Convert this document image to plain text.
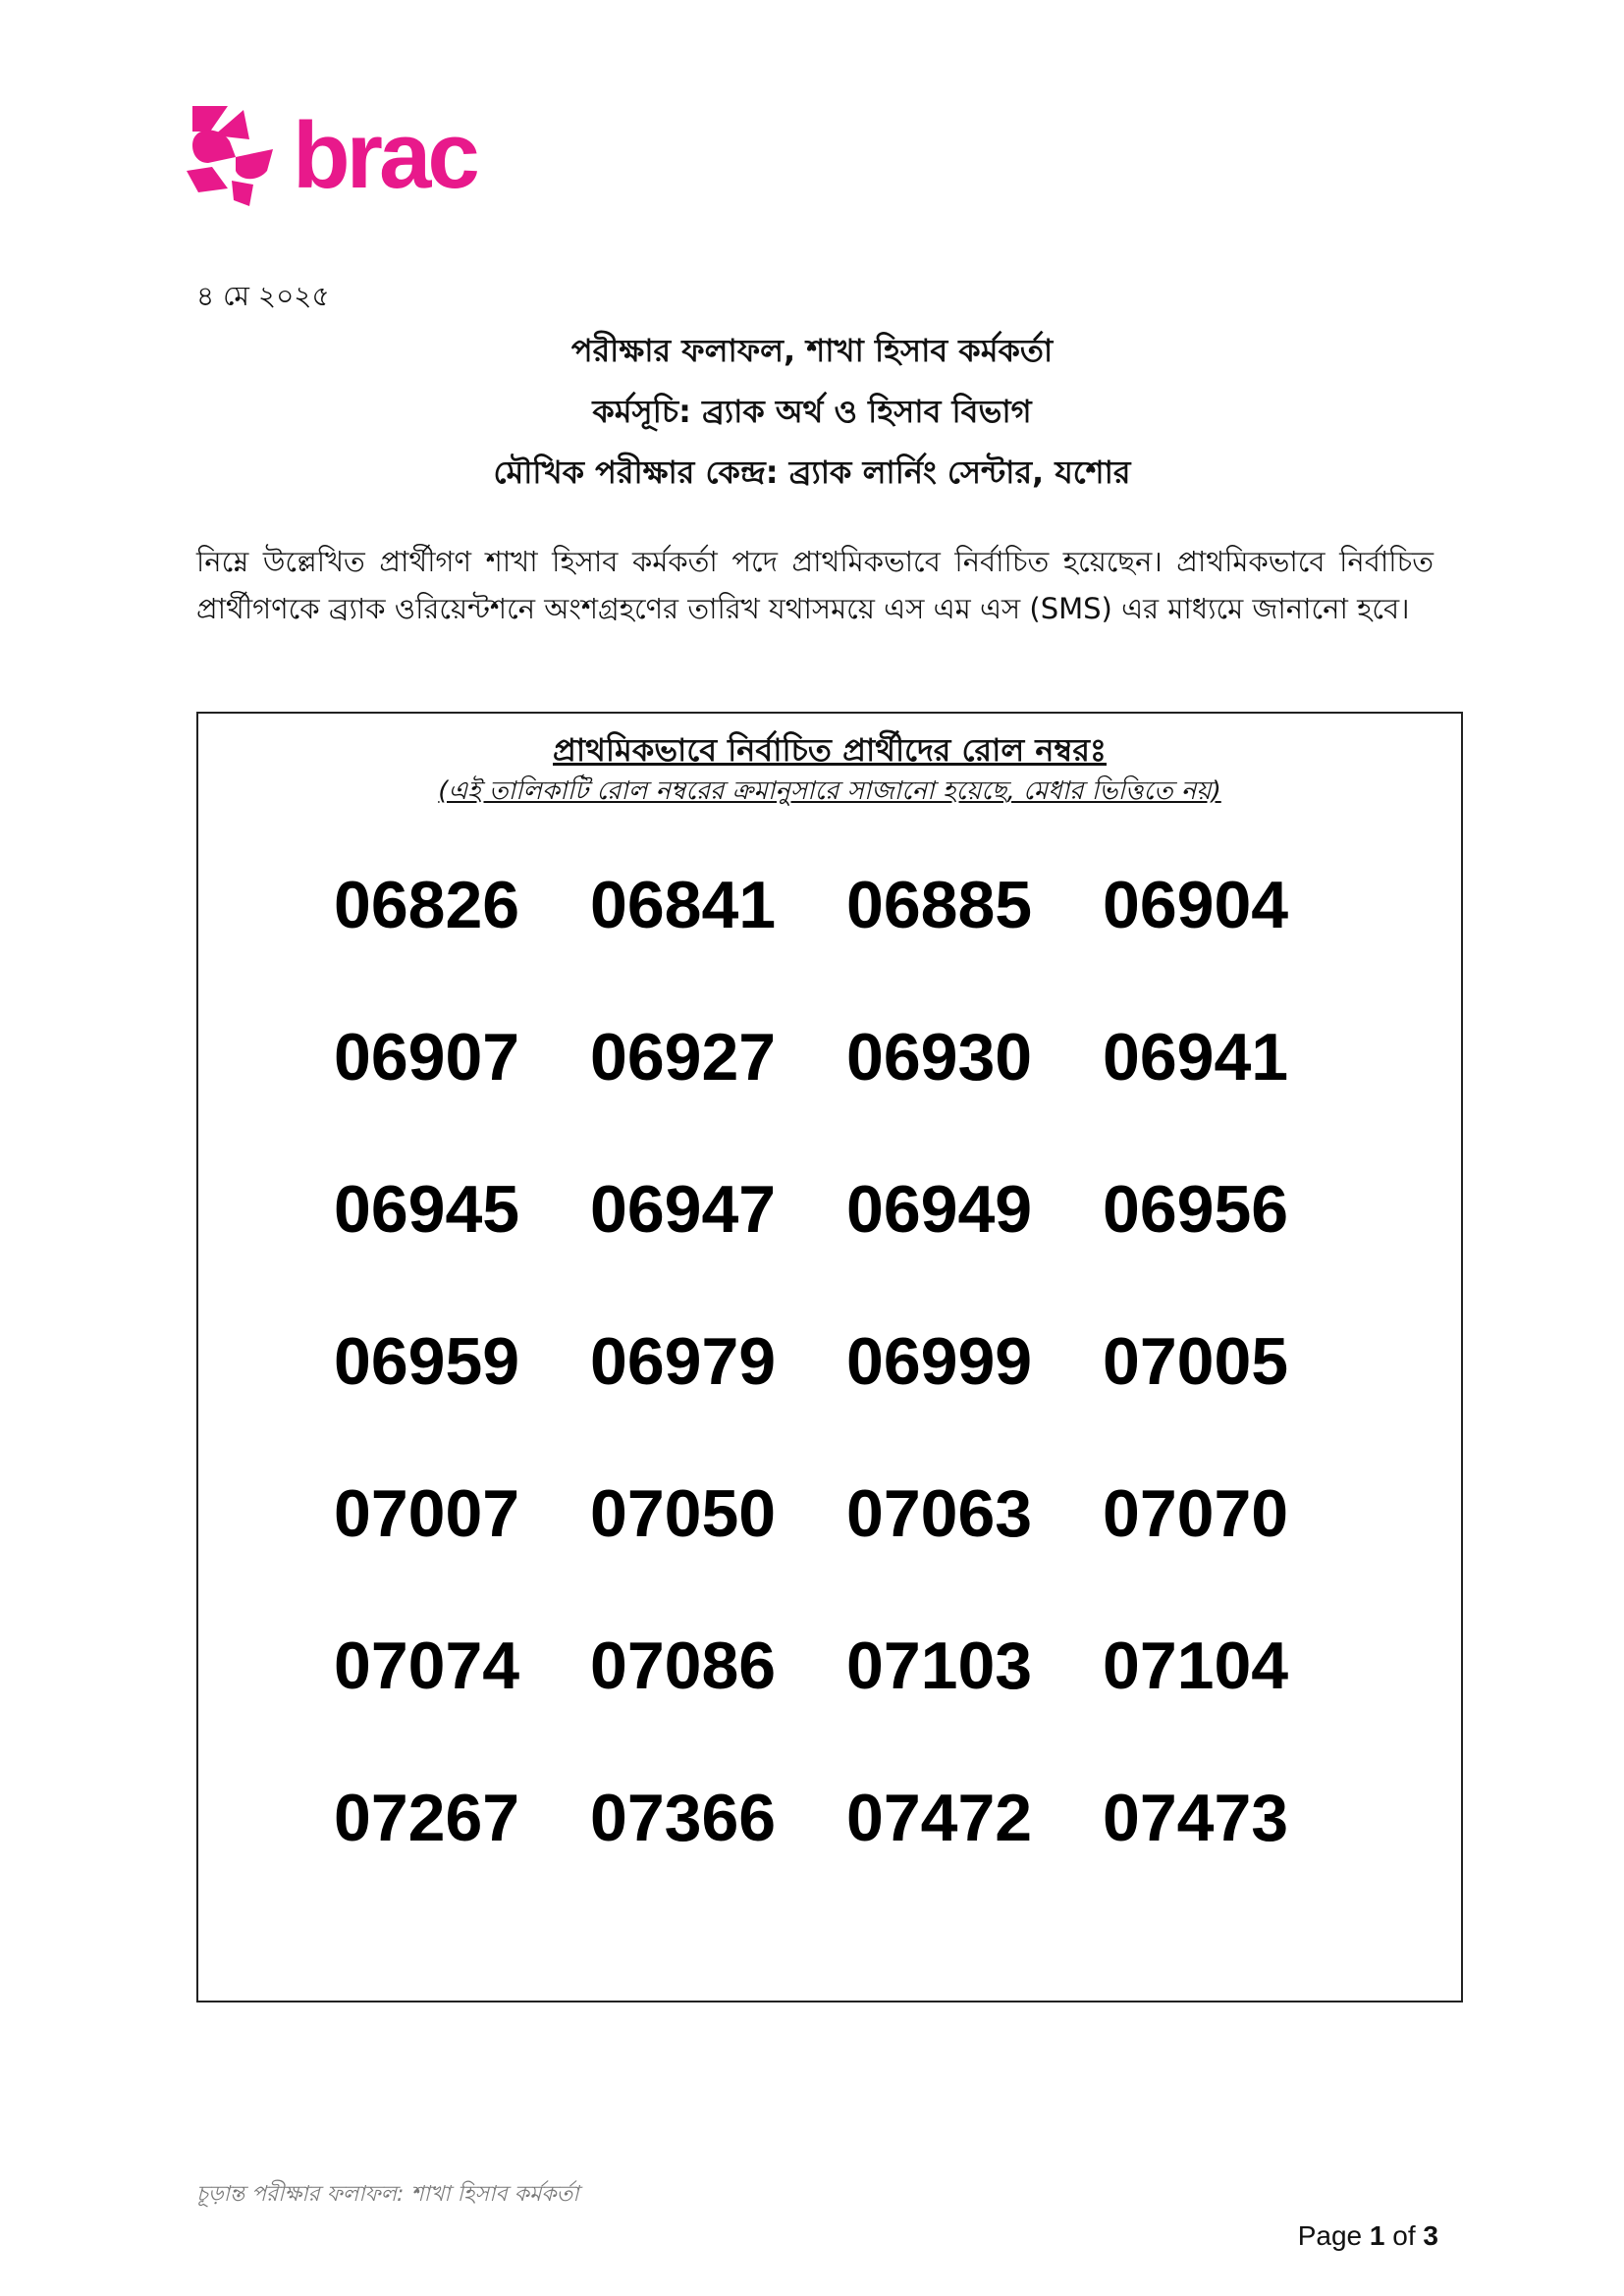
brac
৪ মে ২০২৫
পরীক্ষার ফলাফল, শাখা হিসাব কর্মকর্তা
কর্মসূচি: ব্র্যাক অর্থ ও হিসাব বিভাগ
মৌখিক পরীক্ষার কেন্দ্র: ব্র্যাক লার্নিং সেন্টার, যশোর
নিম্নে উল্লেখিত প্রার্থীগণ শাখা হিসাব কর্মকর্তা পদে প্রাথমিকভাবে নির্বাচিত হয়েছেন। প্রাথমিকভাবে নির্বাচিত প্রার্থীগণকে ব্র্যাক ওরিয়েন্টশনে অংশগ্রহণের তারিখ যথাসময়ে এস এম এস (SMS) এর মাধ্যমে জানানো হবে।
প্রাথমিকভাবে নির্বাচিত প্রার্থীদের রোল নম্বরঃ
(এই তালিকাটি রোল নম্বরের ক্রমানুসারে সাজানো হয়েছে, মেধার ভিত্তিতে নয়)
06826	06841	06885	06904
06907	06927	06930	06941
06945	06947	06949	06956
06959	06979	06999	07005
07007	07050	07063	07070
07074	07086	07103	07104
07267	07366	07472	07473
চূড়ান্ত পরীক্ষার ফলাফল: শাখা হিসাব কর্মকর্তা
Page 1 of 3
